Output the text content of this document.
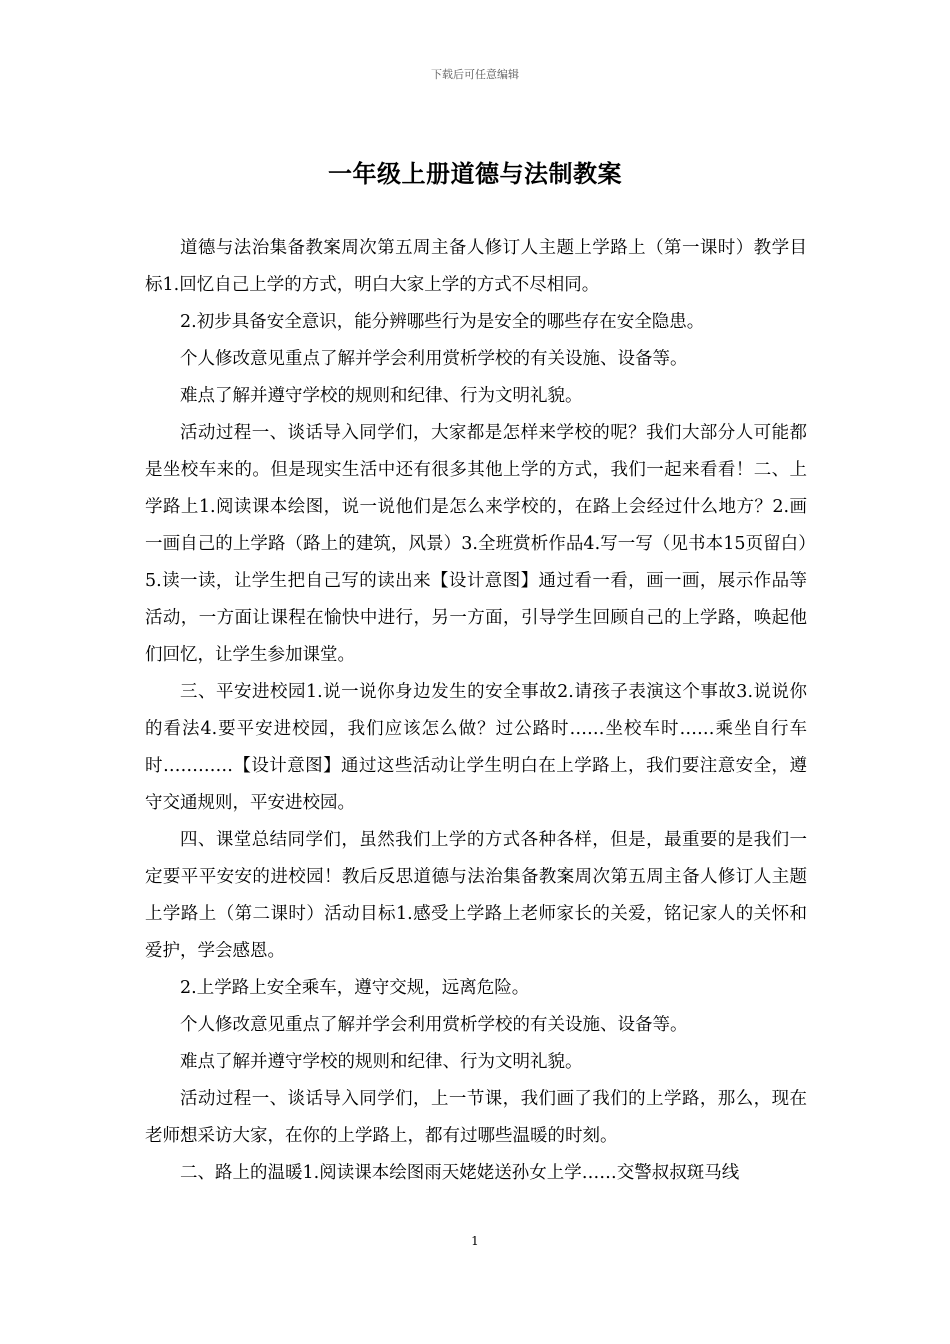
下载后可任意编辑
一年级上册道德与法制教案

道德与法治集备教案周次第五周主备人修订人主题上学路上（第一课时）教学目标1.回忆自己上学的方式，明白大家上学的方式不尽相同。

2.初步具备安全意识，能分辨哪些行为是安全的哪些存在安全隐患。

个人修改意见重点了解并学会利用赏析学校的有关设施、设备等。

难点了解并遵守学校的规则和纪律、行为文明礼貌。

活动过程一、谈话导入同学们，大家都是怎样来学校的呢？我们大部分人可能都是坐校车来的。但是现实生活中还有很多其他上学的方式，我们一起来看看！二、上学路上1.阅读课本绘图，说一说他们是怎么来学校的，在路上会经过什么地方？2.画一画自己的上学路（路上的建筑，风景）3.全班赏析作品4.写一写（见书本15页留白）5.读一读，让学生把自己写的读出来【设计意图】通过看一看，画一画，展示作品等活动，一方面让课程在愉快中进行，另一方面，引导学生回顾自己的上学路，唤起他们回忆，让学生参加课堂。

三、平安进校园1.说一说你身边发生的安全事故2.请孩子表演这个事故3.说说你的看法4.要平安进校园，我们应该怎么做？过公路时……坐校车时……乘坐自行车时…………【设计意图】通过这些活动让学生明白在上学路上，我们要注意安全，遵守交通规则，平安进校园。

四、课堂总结同学们，虽然我们上学的方式各种各样，但是，最重要的是我们一定要平平安安的进校园！教后反思道德与法治集备教案周次第五周主备人修订人主题上学路上（第二课时）活动目标1.感受上学路上老师家长的关爱，铭记家人的关怀和爱护，学会感恩。

2.上学路上安全乘车，遵守交规，远离危险。

个人修改意见重点了解并学会利用赏析学校的有关设施、设备等。

难点了解并遵守学校的规则和纪律、行为文明礼貌。

活动过程一、谈话导入同学们，上一节课，我们画了我们的上学路，那么，现在老师想采访大家，在你的上学路上，都有过哪些温暖的时刻。

二、路上的温暖1.阅读课本绘图雨天姥姥送孙女上学……交警叔叔斑马线

1
